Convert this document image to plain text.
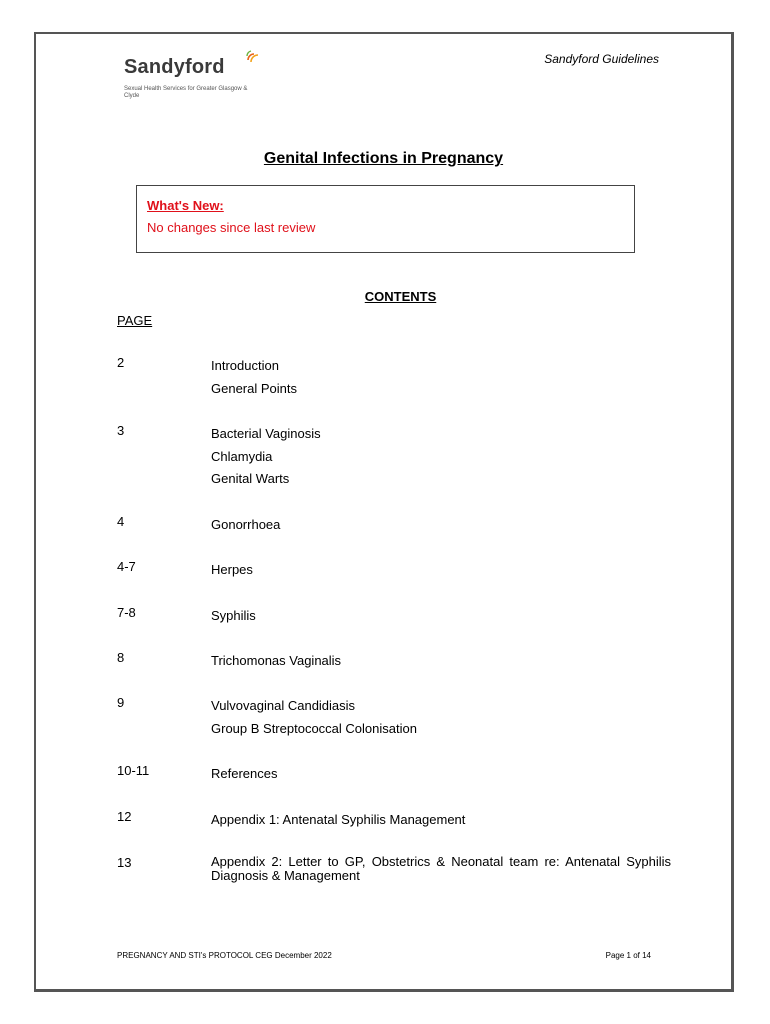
Sandyford
Sexual Health Services for Greater Glasgow & Clyde
Sandyford Guidelines
Genital Infections in Pregnancy
What's New:
No changes since last review
CONTENTS
PAGE
2	Introduction
General Points
3	Bacterial Vaginosis
Chlamydia
Genital Warts
4	Gonorrhoea
4-7	Herpes
7-8	Syphilis
8	Trichomonas Vaginalis
9	Vulvovaginal Candidiasis
Group B Streptococcal Colonisation
10-11	References
12	Appendix 1: Antenatal Syphilis Management
13	Appendix 2: Letter to GP, Obstetrics & Neonatal team re: Antenatal Syphilis Diagnosis & Management
PREGNANCY AND STI's PROTOCOL CEG December 2022	Page 1 of 14
